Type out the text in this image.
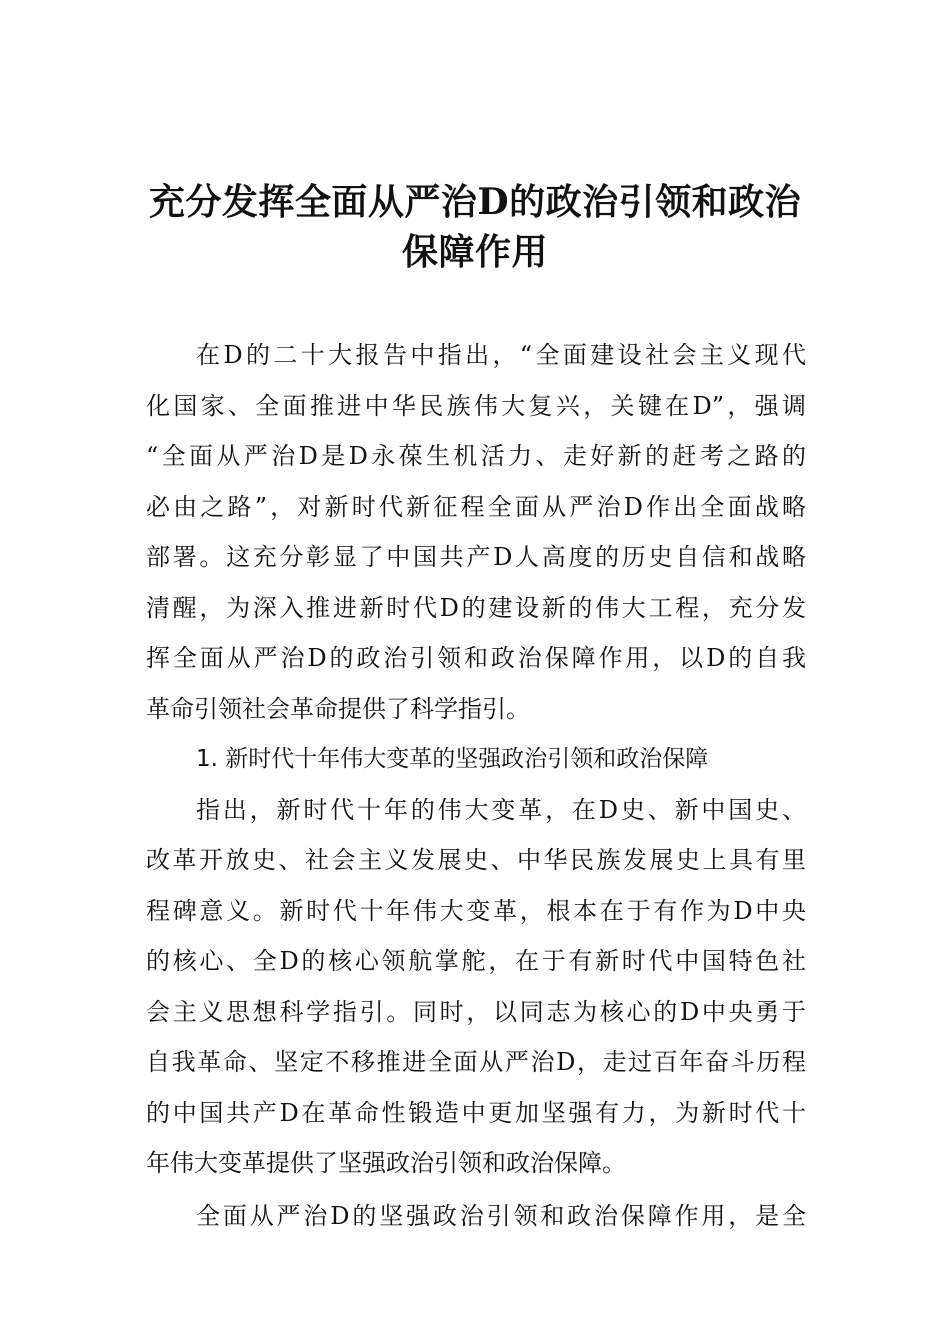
充分发挥全面从严治D的政治引领和政治
保障作用
在D的二十大报告中指出，“全面建设社会主义现代
化国家、全面推进中华民族伟大复兴，关键在D”，强调
“全面从严治D是D永葆生机活力、走好新的赶考之路的
必由之路”，对新时代新征程全面从严治D作出全面战略
部署。这充分彰显了中国共产D人高度的历史自信和战略
清醒，为深入推进新时代D的建设新的伟大工程，充分发
挥全面从严治D的政治引领和政治保障作用，以D的自我
革命引领社会革命提供了科学指引。
1. 新时代十年伟大变革的坚强政治引领和政治保障
指出，新时代十年的伟大变革，在D史、新中国史、
改革开放史、社会主义发展史、中华民族发展史上具有里
程碑意义。新时代十年伟大变革，根本在于有作为D中央
的核心、全D的核心领航掌舵，在于有新时代中国特色社
会主义思想科学指引。同时，以同志为核心的D中央勇于
自我革命、坚定不移推进全面从严治D，走过百年奋斗历程
的中国共产D在革命性锻造中更加坚强有力，为新时代十
年伟大变革提供了坚强政治引领和政治保障。
全面从严治D的坚强政治引领和政治保障作用，是全
